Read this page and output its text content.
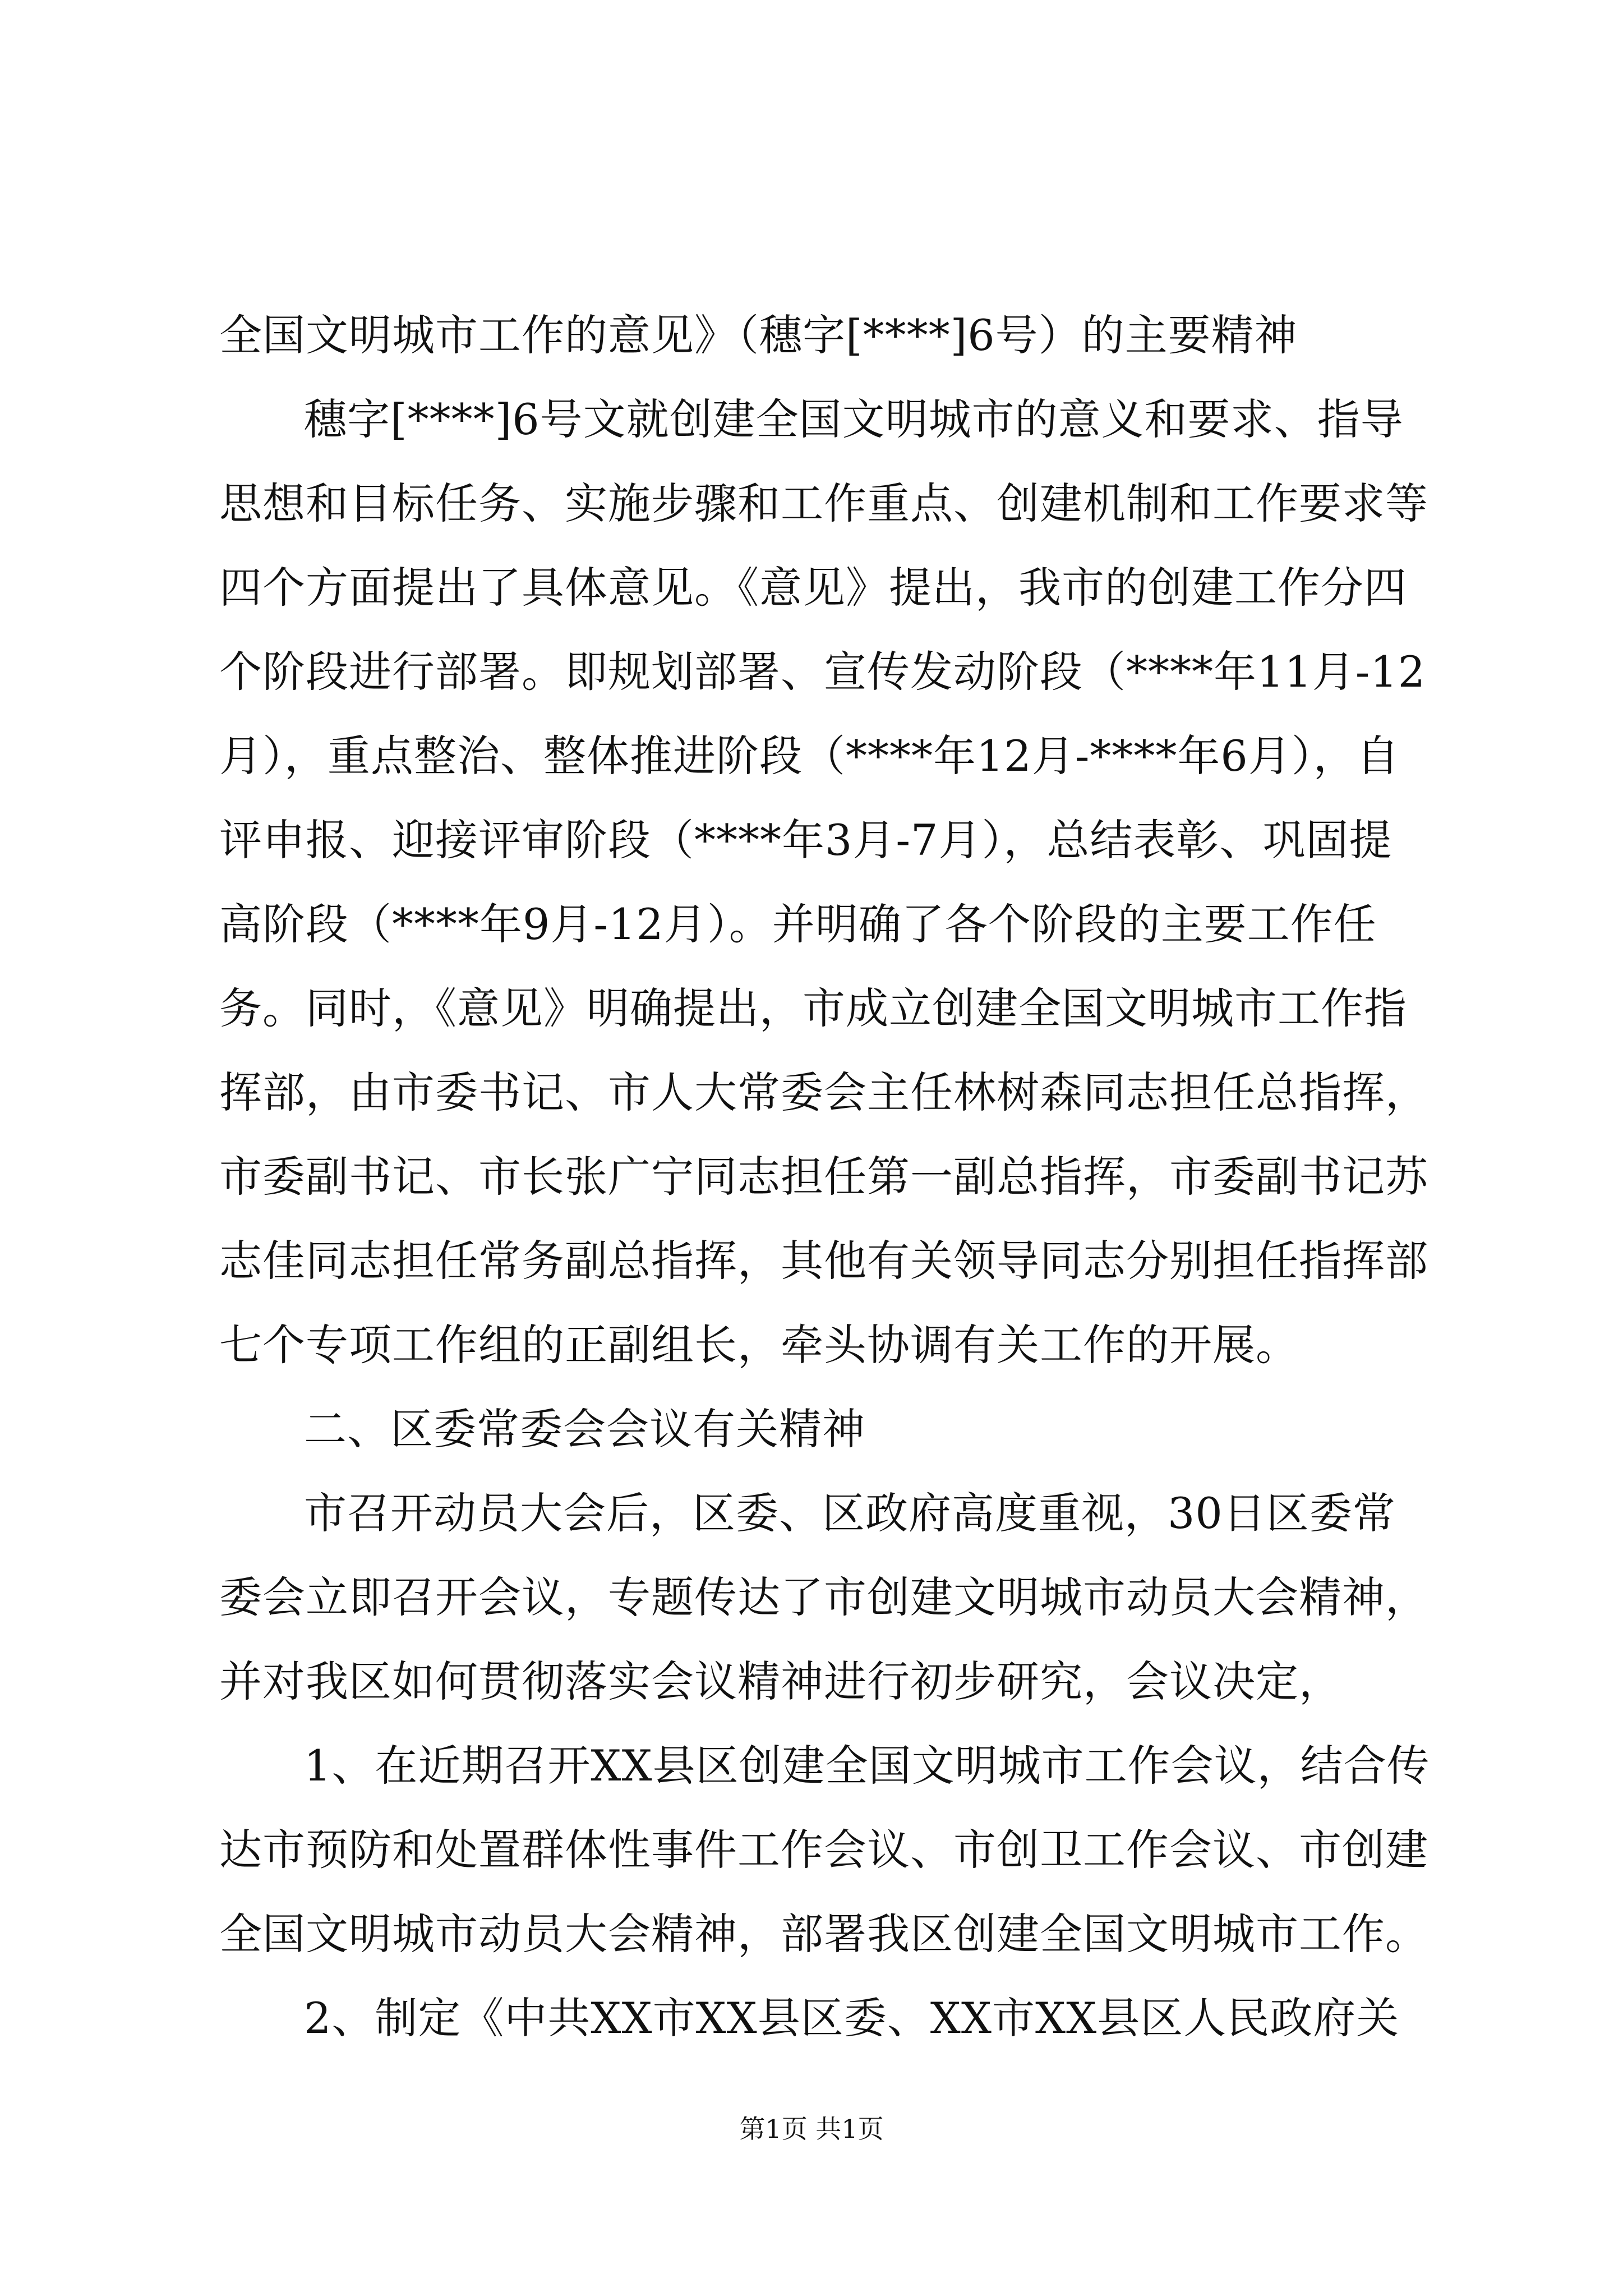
全国文明城市工作的意见》（穗字[****]6号）的主要精神
穗字[****]6号文就创建全国文明城市的意义和要求、指导
思想和目标任务、实施步骤和工作重点、创建机制和工作要求等
四个方面提出了具体意见。《意见》提出，我市的创建工作分四
个阶段进行部署。即规划部署、宣传发动阶段（****年11月-12
月），重点整治、整体推进阶段（****年12月-****年6月），自
评申报、迎接评审阶段（****年3月-7月），总结表彰、巩固提
高阶段（****年9月-12月）。并明确了各个阶段的主要工作任
务。同时，《意见》明确提出，市成立创建全国文明城市工作指
挥部，由市委书记、市人大常委会主任林树森同志担任总指挥，
市委副书记、市长张广宁同志担任第一副总指挥，市委副书记苏
志佳同志担任常务副总指挥，其他有关领导同志分别担任指挥部
七个专项工作组的正副组长，牵头协调有关工作的开展。
二、区委常委会会议有关精神
市召开动员大会后，区委、区政府高度重视，30日区委常
委会立即召开会议，专题传达了市创建文明城市动员大会精神，
并对我区如何贯彻落实会议精神进行初步研究，会议决定，
1、在近期召开XX县区创建全国文明城市工作会议，结合传
达市预防和处置群体性事件工作会议、市创卫工作会议、市创建
全国文明城市动员大会精神，部署我区创建全国文明城市工作。
2、制定《中共XX市XX县区委、XX市XX县区人民政府关
第1页 共1页
